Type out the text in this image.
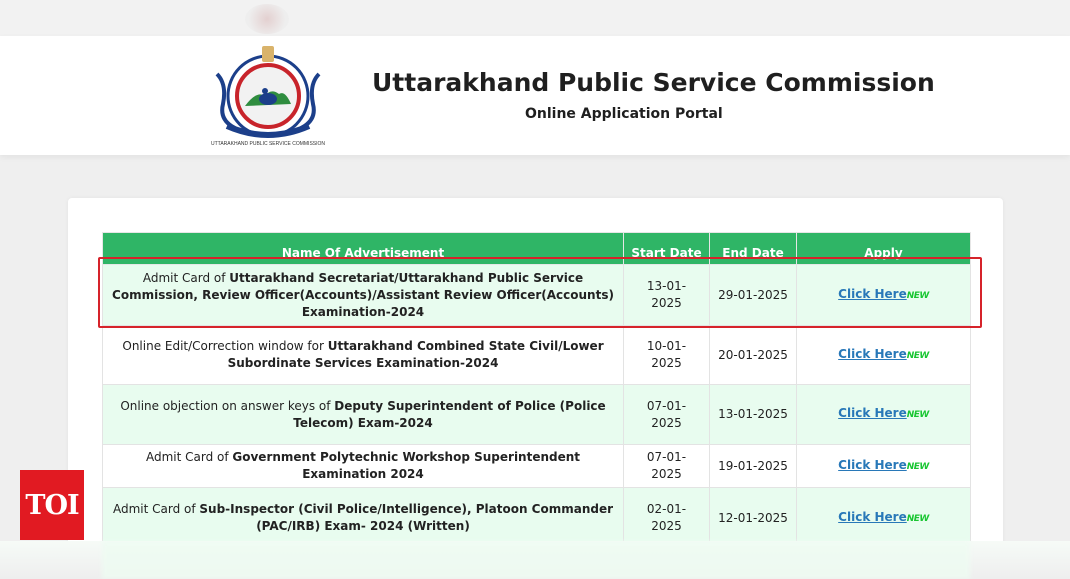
UTTARAKHAND PUBLIC SERVICE COMMISSION
Uttarakhand Public Service Commission
Online Application Portal
Name Of Advertisement	Start Date	End Date	Apply
Admit Card of Uttarakhand Secretariat/Uttarakhand Public Service Commission, Review Officer(Accounts)/Assistant Review Officer(Accounts) Examination-2024	13-01-2025	29-01-2025	Click HereNEW
Online Edit/Correction window for Uttarakhand Combined State Civil/Lower Subordinate Services Examination-2024	10-01-2025	20-01-2025	Click HereNEW
Online objection on answer keys of Deputy Superintendent of Police (Police Telecom) Exam-2024	07-01-2025	13-01-2025	Click HereNEW
Admit Card of Government Polytechnic Workshop Superintendent Examination 2024	07-01-2025	19-01-2025	Click HereNEW
Admit Card of Sub-Inspector (Civil Police/Intelligence), Platoon Commander (PAC/IRB) Exam- 2024 (Written)	02-01-2025	12-01-2025	Click HereNEW
TOI
